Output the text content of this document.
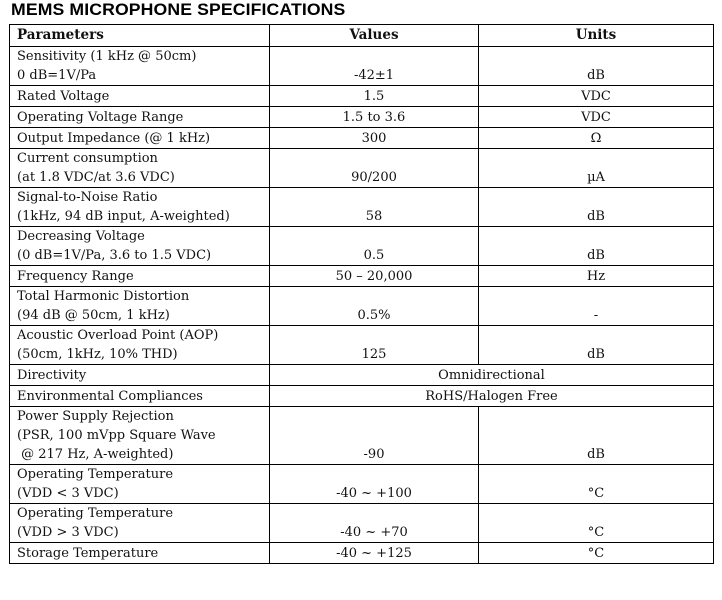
MEMS MICROPHONE SPECIFICATIONS
Parameters	Values	Units

Sensitivity (1 kHz @ 50cm)
0 dB=1V/Pa	-42±1	dB

Rated Voltage	1.5	VDC

Operating Voltage Range	1.5 to 3.6	VDC

Output Impedance (@ 1 kHz)	300	Ω

Current consumption
(at 1.8 VDC/at 3.6 VDC)	90/200	µA

Signal-to-Noise Ratio
(1kHz, 94 dB input, A-weighted)	58	dB

Decreasing Voltage
(0 dB=1V/Pa, 3.6 to 1.5 VDC)	0.5	dB

Frequency Range	50 – 20,000	Hz

Total Harmonic Distortion
(94 dB @ 50cm, 1 kHz)	0.5%	-

Acoustic Overload Point (AOP)
(50cm, 1kHz, 10% THD)	125	dB

Directivity	Omnidirectional	

Environmental Compliances	RoHS/Halogen Free	

Power Supply Rejection
(PSR, 100 mVpp Square Wave
@ 217 Hz, A-weighted)	-90	dB

Operating Temperature
(VDD < 3 VDC)	-40 ~ +100	°C

Operating Temperature
(VDD > 3 VDC)	-40 ~ +70	°C

Storage Temperature	-40 ~ +125	°C
